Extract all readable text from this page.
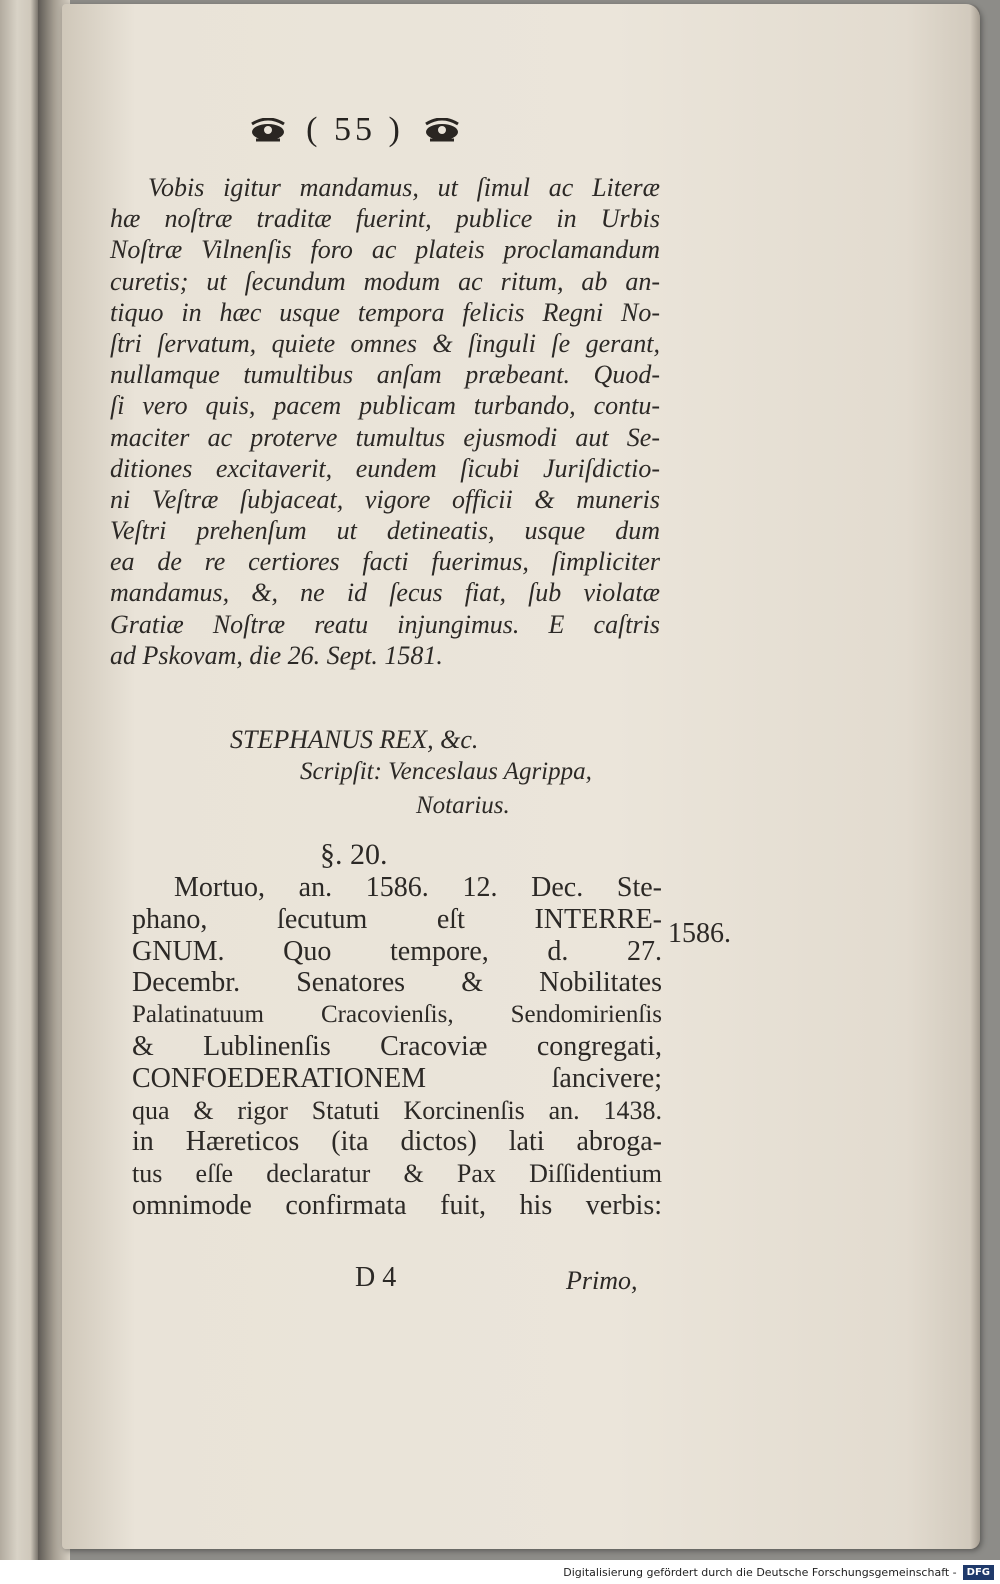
( 55 )
Vobis igitur mandamus, ut ſimul ac Literæ
hæ noſtræ traditæ fuerint, publice in Urbis
Noſtræ Vilnenſis foro ac plateis proclamandum
curetis; ut ſecundum modum ac ritum, ab an-
tiquo in hæc usque tempora felicis Regni No-
ſtri ſervatum, quiete omnes & ſinguli ſe gerant,
nullamque tumultibus anſam præbeant. Quod-
ſi vero quis, pacem publicam turbando, contu-
maciter ac proterve tumultus ejusmodi aut Se-
ditiones excitaverit, eundem ſicubi Juriſdictio-
ni Veſtræ ſubjaceat, vigore officii & muneris
Veſtri prehenſum ut detineatis, usque dum
ea de re certiores facti fuerimus, ſimpliciter
mandamus, &, ne id ſecus fiat, ſub violatæ
Gratiæ Noſtræ reatu injungimus. E caſtris
ad Pskovam, die 26. Sept. 1581.
STEPHANUS REX, &c.
Scripſit: Venceslaus Agrippa,
Notarius.
§. 20.
Mortuo, an. 1586. 12. Dec. Ste-
phano, ſecutum eſt INTERRE-
GNUM. Quo tempore, d. 27.
Decembr. Senatores & Nobilitates
Palatinatuum Cracovienſis, Sendomirienſis
& Lublinenſis Cracoviæ congregati,
CONFOEDERATIONEM ſancivere;
qua & rigor Statuti Korcinenſis an. 1438.
in Hæreticos (ita dictos) lati abroga-
tus eſſe declaratur & Pax Diſſidentium
omnimode confirmata fuit, his verbis:
1586.
D 4	Primo,
Digitalisierung gefördert durch die Deutsche Forschungsgemeinschaft -	DFG
